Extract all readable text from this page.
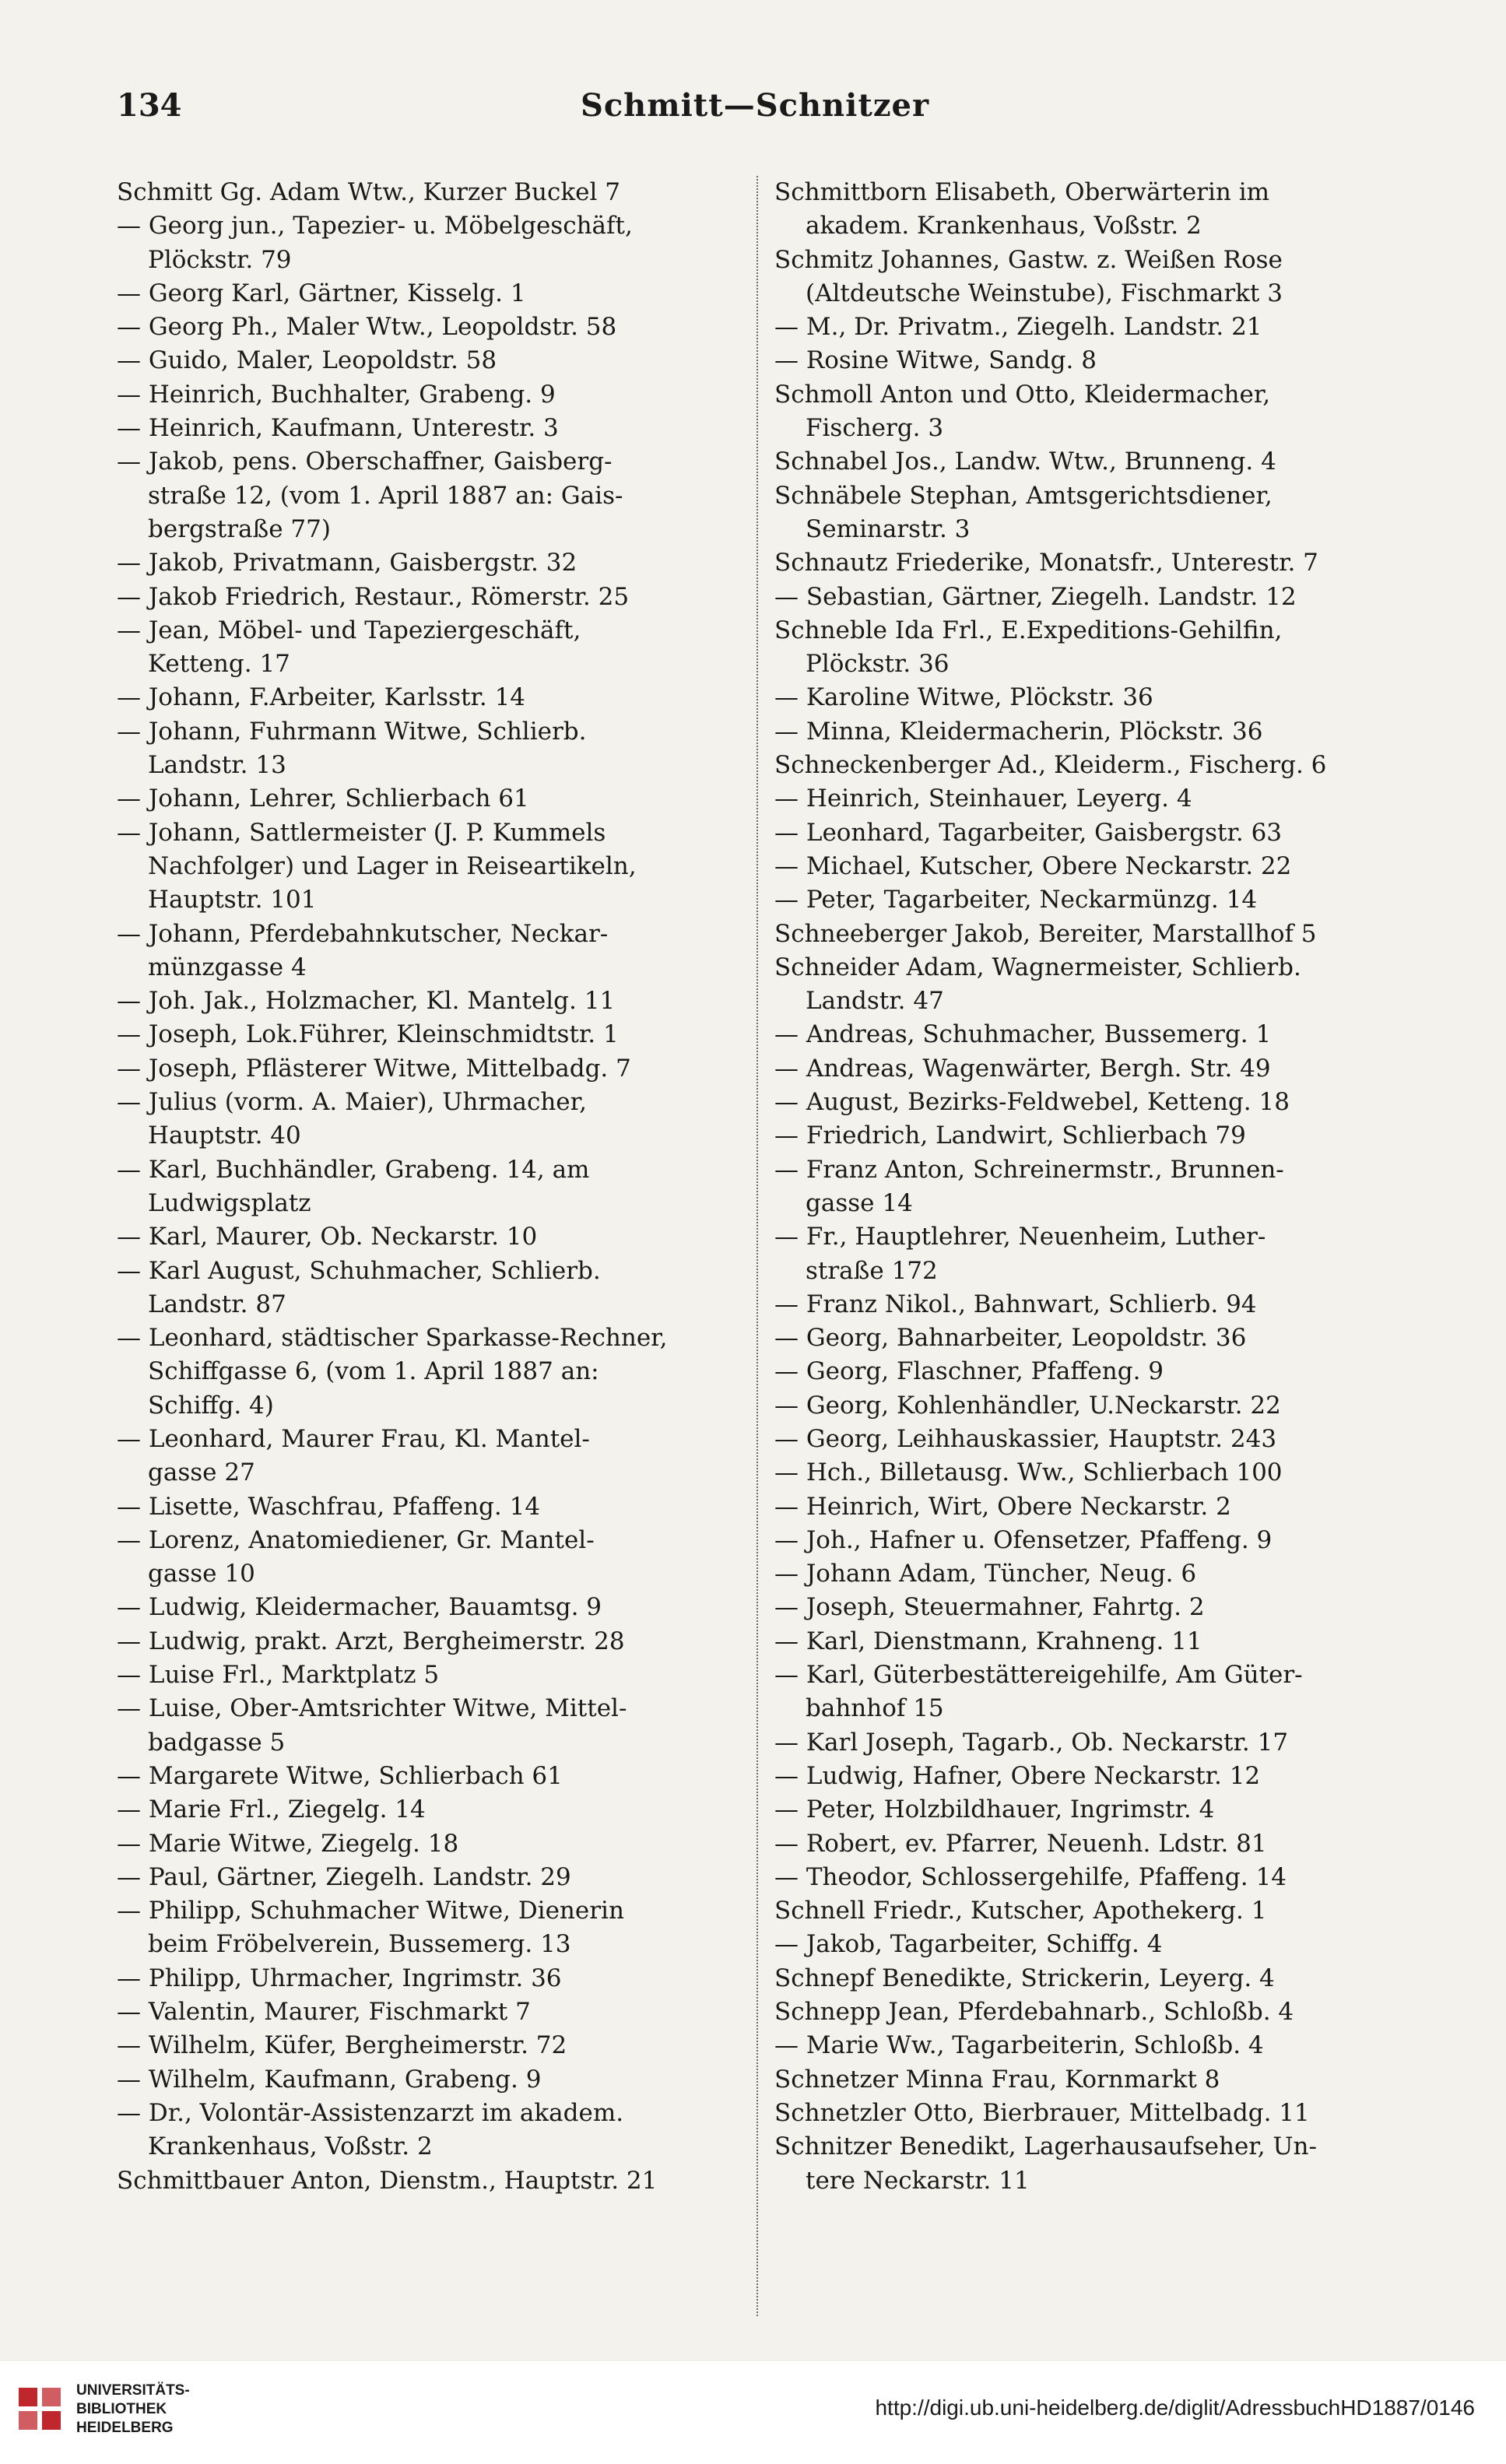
134	Schmitt—Schnitzer
Schmitt Gg. Adam Wtw., Kurzer Buckel 7
— Georg jun., Tapezier- u. Möbelgeschäft,
Plöckstr. 79
— Georg Karl, Gärtner, Kisselg. 1
— Georg Ph., Maler Wtw., Leopoldstr. 58
— Guido, Maler, Leopoldstr. 58
— Heinrich, Buchhalter, Grabeng. 9
— Heinrich, Kaufmann, Unterestr. 3
— Jakob, pens. Oberschaffner, Gaisberg-
straße 12, (vom 1. April 1887 an: Gais-
bergstraße 77)
— Jakob, Privatmann, Gaisbergstr. 32
— Jakob Friedrich, Restaur., Römerstr. 25
— Jean, Möbel- und Tapeziergeschäft,
Ketteng. 17
— Johann, F.Arbeiter, Karlsstr. 14
— Johann, Fuhrmann Witwe, Schlierb.
Landstr. 13
— Johann, Lehrer, Schlierbach 61
— Johann, Sattlermeister (J. P. Kummels
Nachfolger) und Lager in Reiseartikeln,
Hauptstr. 101
— Johann, Pferdebahnkutscher, Neckar-
münzgasse 4
— Joh. Jak., Holzmacher, Kl. Mantelg. 11
— Joseph, Lok.Führer, Kleinschmidtstr. 1
— Joseph, Pflästerer Witwe, Mittelbadg. 7
— Julius (vorm. A. Maier), Uhrmacher,
Hauptstr. 40
— Karl, Buchhändler, Grabeng. 14, am
Ludwigsplatz
— Karl, Maurer, Ob. Neckarstr. 10
— Karl August, Schuhmacher, Schlierb.
Landstr. 87
— Leonhard, städtischer Sparkasse-Rechner,
Schiffgasse 6, (vom 1. April 1887 an:
Schiffg. 4)
— Leonhard, Maurer Frau, Kl. Mantel-
gasse 27
— Lisette, Waschfrau, Pfaffeng. 14
— Lorenz, Anatomiediener, Gr. Mantel-
gasse 10
— Ludwig, Kleidermacher, Bauamtsg. 9
— Ludwig, prakt. Arzt, Bergheimerstr. 28
— Luise Frl., Marktplatz 5
— Luise, Ober-Amtsrichter Witwe, Mittel-
badgasse 5
— Margarete Witwe, Schlierbach 61
— Marie Frl., Ziegelg. 14
— Marie Witwe, Ziegelg. 18
— Paul, Gärtner, Ziegelh. Landstr. 29
— Philipp, Schuhmacher Witwe, Dienerin
beim Fröbelverein, Bussemerg. 13
— Philipp, Uhrmacher, Ingrimstr. 36
— Valentin, Maurer, Fischmarkt 7
— Wilhelm, Küfer, Bergheimerstr. 72
— Wilhelm, Kaufmann, Grabeng. 9
— Dr., Volontär-Assistenzarzt im akadem.
Krankenhaus, Voßstr. 2
Schmittbauer Anton, Dienstm., Hauptstr. 21
Schmittborn Elisabeth, Oberwärterin im
akadem. Krankenhaus, Voßstr. 2
Schmitz Johannes, Gastw. z. Weißen Rose
(Altdeutsche Weinstube), Fischmarkt 3
— M., Dr. Privatm., Ziegelh. Landstr. 21
— Rosine Witwe, Sandg. 8
Schmoll Anton und Otto, Kleidermacher,
Fischerg. 3
Schnabel Jos., Landw. Wtw., Brunneng. 4
Schnäbele Stephan, Amtsgerichtsdiener,
Seminarstr. 3
Schnautz Friederike, Monatsfr., Unterestr. 7
— Sebastian, Gärtner, Ziegelh. Landstr. 12
Schneble Ida Frl., E.Expeditions-Gehilfin,
Plöckstr. 36
— Karoline Witwe, Plöckstr. 36
— Minna, Kleidermacherin, Plöckstr. 36
Schneckenberger Ad., Kleiderm., Fischerg. 6
— Heinrich, Steinhauer, Leyerg. 4
— Leonhard, Tagarbeiter, Gaisbergstr. 63
— Michael, Kutscher, Obere Neckarstr. 22
— Peter, Tagarbeiter, Neckarmünzg. 14
Schneeberger Jakob, Bereiter, Marstallhof 5
Schneider Adam, Wagnermeister, Schlierb.
Landstr. 47
— Andreas, Schuhmacher, Bussemerg. 1
— Andreas, Wagenwärter, Bergh. Str. 49
— August, Bezirks-Feldwebel, Ketteng. 18
— Friedrich, Landwirt, Schlierbach 79
— Franz Anton, Schreinermstr., Brunnen-
gasse 14
— Fr., Hauptlehrer, Neuenheim, Luther-
straße 172
— Franz Nikol., Bahnwart, Schlierb. 94
— Georg, Bahnarbeiter, Leopoldstr. 36
— Georg, Flaschner, Pfaffeng. 9
— Georg, Kohlenhändler, U.Neckarstr. 22
— Georg, Leihhauskassier, Hauptstr. 243
— Hch., Billetausg. Ww., Schlierbach 100
— Heinrich, Wirt, Obere Neckarstr. 2
— Joh., Hafner u. Ofensetzer, Pfaffeng. 9
— Johann Adam, Tüncher, Neug. 6
— Joseph, Steuermahner, Fahrtg. 2
— Karl, Dienstmann, Krahneng. 11
— Karl, Güterbestättereigehilfe, Am Güter-
bahnhof 15
— Karl Joseph, Tagarb., Ob. Neckarstr. 17
— Ludwig, Hafner, Obere Neckarstr. 12
— Peter, Holzbildhauer, Ingrimstr. 4
— Robert, ev. Pfarrer, Neuenh. Ldstr. 81
— Theodor, Schlossergehilfe, Pfaffeng. 14
Schnell Friedr., Kutscher, Apothekerg. 1
— Jakob, Tagarbeiter, Schiffg. 4
Schnepf Benedikte, Strickerin, Leyerg. 4
Schnepp Jean, Pferdebahnarb., Schloßb. 4
— Marie Ww., Tagarbeiterin, Schloßb. 4
Schnetzer Minna Frau, Kornmarkt 8
Schnetzler Otto, Bierbrauer, Mittelbadg. 11
Schnitzer Benedikt, Lagerhausaufseher, Un-
tere Neckarstr. 11
UNIVERSITÄTS-
BIBLIOTHEK
HEIDELBERG
http://digi.ub.uni-heidelberg.de/diglit/AdressbuchHD1887/0146
